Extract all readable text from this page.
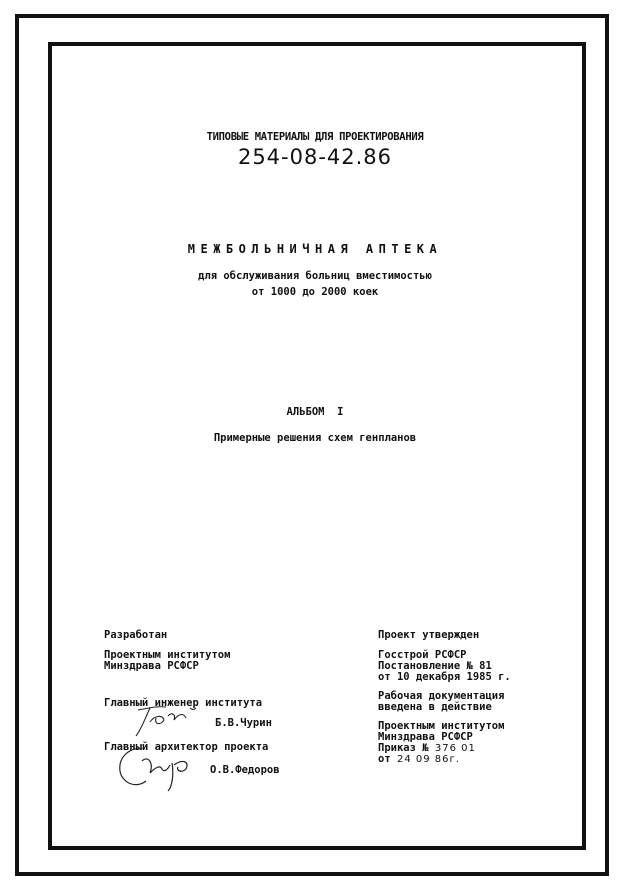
ТИПОВЫЕ МАТЕРИАЛЫ ДЛЯ ПРОЕКТИРОВАНИЯ
254-08-42.86
МЕЖБОЛЬНИЧНАЯ АПТЕКА
для обслуживания больниц вместимостью
от 1000 до 2000 коек
АЛЬБОМ  I
Примерные решения схем генпланов
Разработан
Проектным институтом
Минздрава РСФСР
Главный инженер института
Б.В.Чурин
Главный архитектор проекта
О.В.Федоров
Проект утвержден
Госстрой РСФСР
Постановление № 81
от 10 декабря 1985 г.
Рабочая документация
введена в действие
Проектным институтом
Минздрава РСФСР
Приказ № 376 01
от 24 09 86г.
